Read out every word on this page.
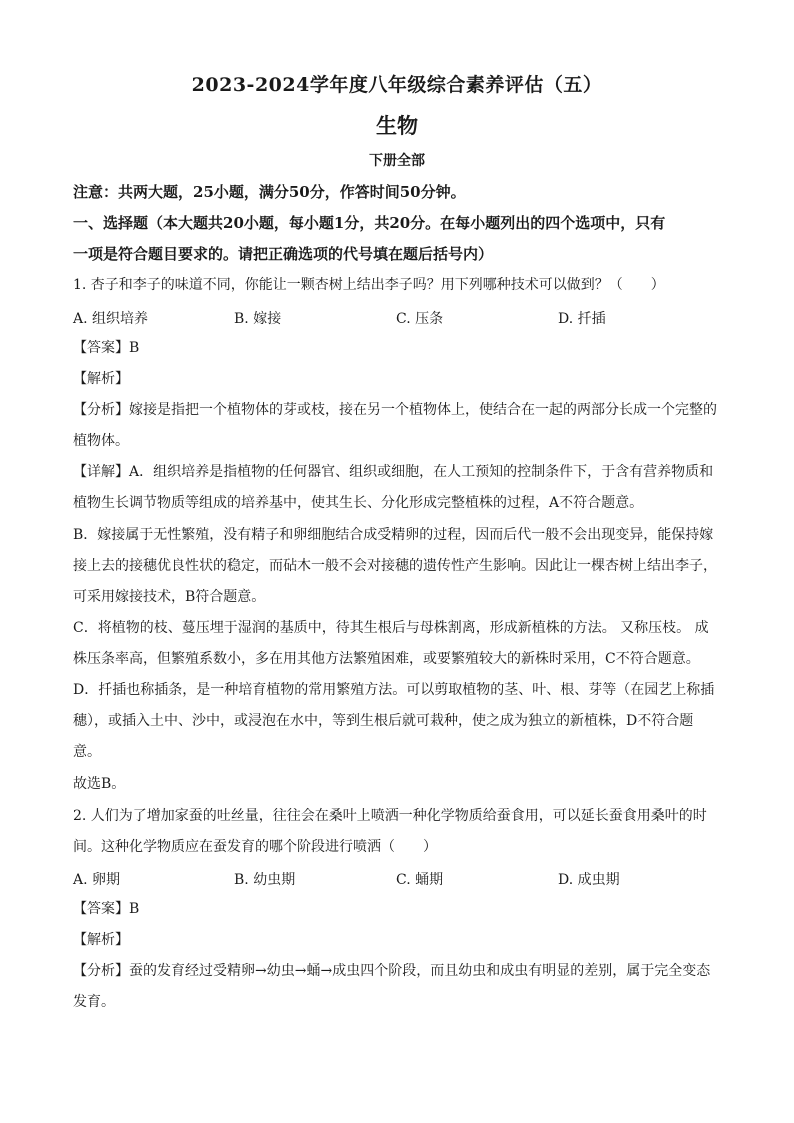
2023-2024学年度八年级综合素养评估（五）
生物
下册全部
注意：共两大题，25小题，满分50分，作答时间50分钟。
一、选择题（本大题共20小题，每小题1分，共20分。在每小题列出的四个选项中，只有
一项是符合题目要求的。请把正确选项的代号填在题后括号内）
1. 杏子和李子的味道不同，你能让一颗杏树上结出李子吗？用下列哪种技术可以做到？（　　）
A. 组织培养	B. 嫁接	C. 压条	D. 扦插
【答案】B
【解析】
【分析】嫁接是指把一个植物体的芽或枝，接在另一个植物体上，使结合在一起的两部分长成一个完整的
植物体。
【详解】A．组织培养是指植物的任何器官、组织或细胞，在人工预知的控制条件下，于含有营养物质和
植物生长调节物质等组成的培养基中，使其生长、分化形成完整植株的过程，A不符合题意。
B．嫁接属于无性繁殖，没有精子和卵细胞结合成受精卵的过程，因而后代一般不会出现变异，能保持嫁
接上去的接穗优良性状的稳定，而砧木一般不会对接穗的遗传性产生影响。因此让一棵杏树上结出李子，
可采用嫁接技术，B符合题意。
C．将植物的枝、蔓压埋于湿润的基质中，待其生根后与母株割离，形成新植株的方法。 又称压枝。 成
株压条率高，但繁殖系数小，多在用其他方法繁殖困难，或要繁殖较大的新株时采用，C不符合题意。
D．扦插也称插条，是一种培育植物的常用繁殖方法。可以剪取植物的茎、叶、根、芽等（在园艺上称插
穗），或插入土中、沙中，或浸泡在水中，等到生根后就可栽种，使之成为独立的新植株，D不符合题
意。
故选B。
2. 人们为了增加家蚕的吐丝量，往往会在桑叶上喷洒一种化学物质给蚕食用，可以延长蚕食用桑叶的时
间。这种化学物质应在蚕发育的哪个阶段进行喷洒（　　）
A. 卵期	B. 幼虫期	C. 蛹期	D. 成虫期
【答案】B
【解析】
【分析】蚕的发育经过受精卵→幼虫→蛹→成虫四个阶段，而且幼虫和成虫有明显的差别，属于完全变态
发育。
